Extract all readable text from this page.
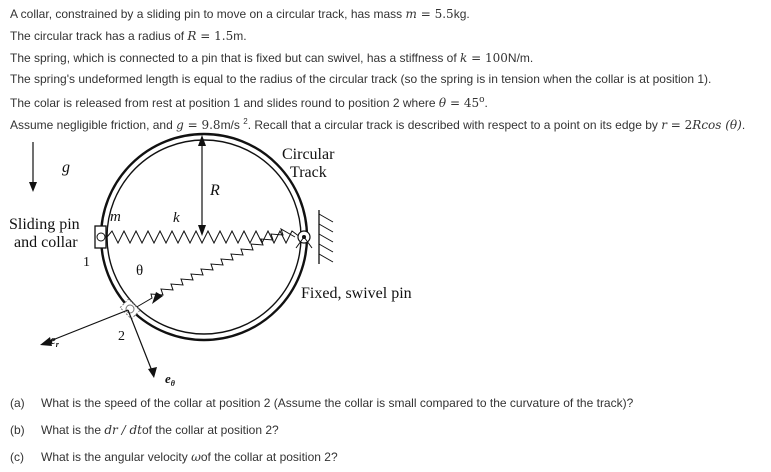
A collar, constrained by a sliding pin to move on a circular track, has mass m = 5.5kg.

The circular track has a radius of R = 1.5m.

The spring, which is connected to a pin that is fixed but can swivel, has a stiffness of k = 100N/m.

The spring's undeformed length is equal to the radius of the circular track (so the spring is in tension when the collar is at position 1).

The colar is released from rest at position 1 and slides round to position 2 where $\theta = 45^o$.

Assume negligible friction, and g = 9.8m/s $^2$. Recall that a circular track is described with respect to a point on its edge by r = 2Rcos (θ).

g
R
Circular
Track
m	k
Sliding pin
and collar
1
θ
2
Fixed, swivel pin
$e_r$
$e_\theta$

(a) What is the speed of the collar at position 2 (Assume the collar is small compared to the curvature of the track)?

(b) What is the dr / dtof the collar at position 2?

(c) What is the angular velocity ωof the collar at position 2?
